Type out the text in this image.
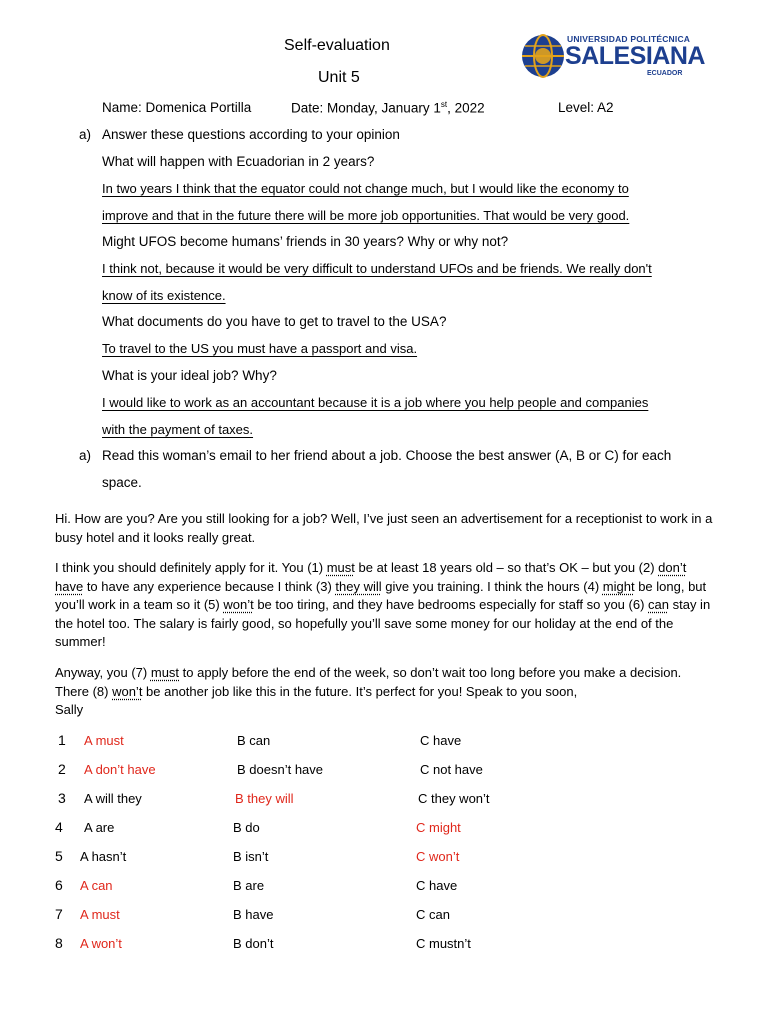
Self-evaluation
Unit 5
UNIVERSIDAD POLITÉCNICA
SALESIANA
ECUADOR
Name: Domenica Portilla	Date: Monday, January 1st, 2022	Level: A2
a) Answer these questions according to your opinion
What will happen with Ecuadorian in 2 years?
In two years I think that the equator could not change much, but I would like the economy to
improve and that in the future there will be more job opportunities. That would be very good.
Might UFOS become humans’ friends in 30 years? Why or why not?
I think not, because it would be very difficult to understand UFOs and be friends. We really don't
know of its existence.
What documents do you have to get to travel to the USA?
To travel to the US you must have a passport and visa.
What is your ideal job? Why?
I would like to work as an accountant because it is a job where you help people and companies
with the payment of taxes.
a) Read this woman’s email to her friend about a job. Choose the best answer (A, B or C) for each
space.
Hi. How are you? Are you still looking for a job? Well, I’ve just seen an advertisement for a receptionist to work in a busy hotel and it looks really great.
I think you should definitely apply for it. You (1) must be at least 18 years old – so that’s OK – but you (2) don’t have to have any experience because I think (3) they will give you training. I think the hours (4) might be long, but you’ll work in a team so it (5) won’t be too tiring, and they have bedrooms especially for staff so you (6) can stay in the hotel too. The salary is fairly good, so hopefully you’ll save some money for our holiday at the end of the summer!
Anyway, you (7) must to apply before the end of the week, so don’t wait too long before you make a decision. There (8) won’t be another job like this in the future. It’s perfect for you! Speak to you soon,
Sally
1 A must	B can	C have
2 A don’t have	B doesn’t have	C not have
3 A will they	B they will	C they won’t
4 A are	B do	C might
5 A hasn’t	B isn’t	C won’t
6 A can	B are	C have
7 A must	B have	C can
8 A won’t	B don’t	C mustn’t
